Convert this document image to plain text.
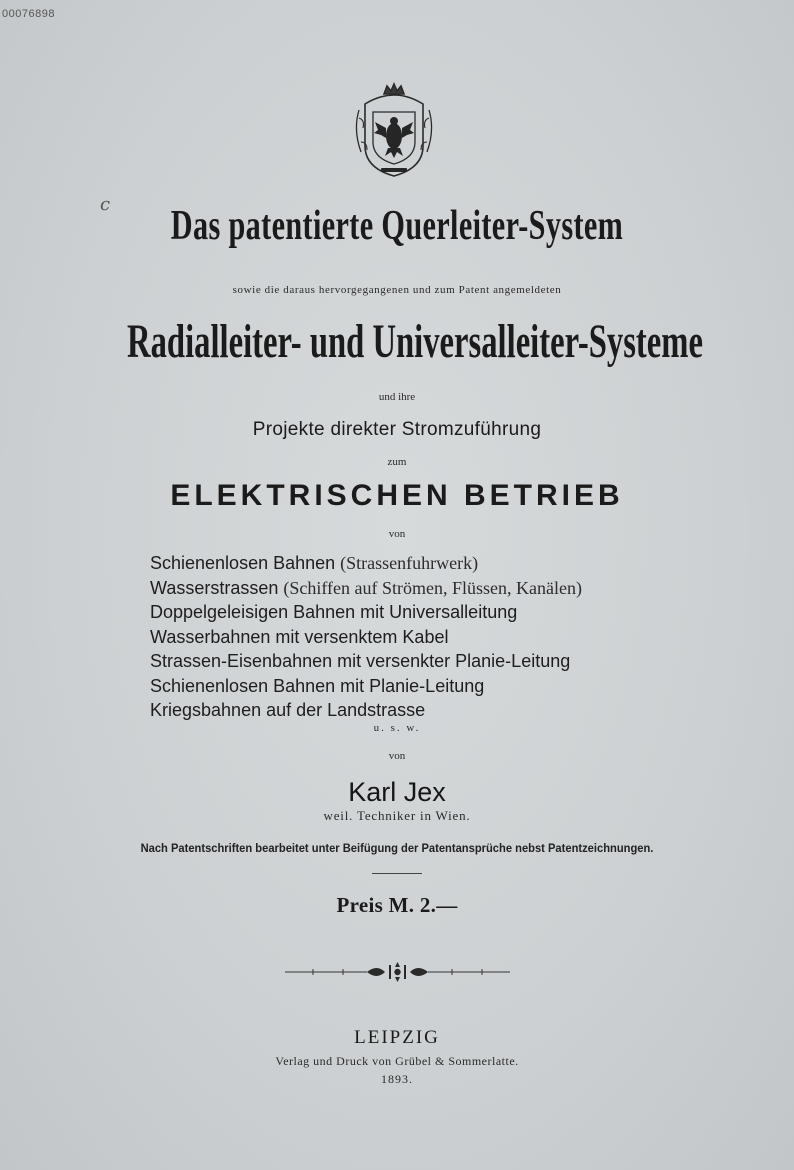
00076898
c	Das patentierte Querleiter-System
sowie die daraus hervorgegangenen und zum Patent angemeldeten
Radialleiter- und Universalleiter-Systeme
und ihre
Projekte direkter Stromzuführung
zum
ELEKTRISCHEN BETRIEB
von
Schienenlosen Bahnen (Strassenfuhrwerk)
Wasserstrassen (Schiffen auf Strömen, Flüssen, Kanälen)
Doppelgeleisigen Bahnen mit Universalleitung
Wasserbahnen mit versenktem Kabel
Strassen-Eisenbahnen mit versenkter Planie-Leitung
Schienenlosen Bahnen mit Planie-Leitung
Kriegsbahnen auf der Landstrasse
u. s. w.
von
Karl Jex
weil. Techniker in Wien.
Nach Patentschriften bearbeitet unter Beifügung der Patentansprüche nebst Patentzeichnungen.
Preis M. 2.—
LEIPZIG
Verlag und Druck von Grübel & Sommerlatte.
1893.
